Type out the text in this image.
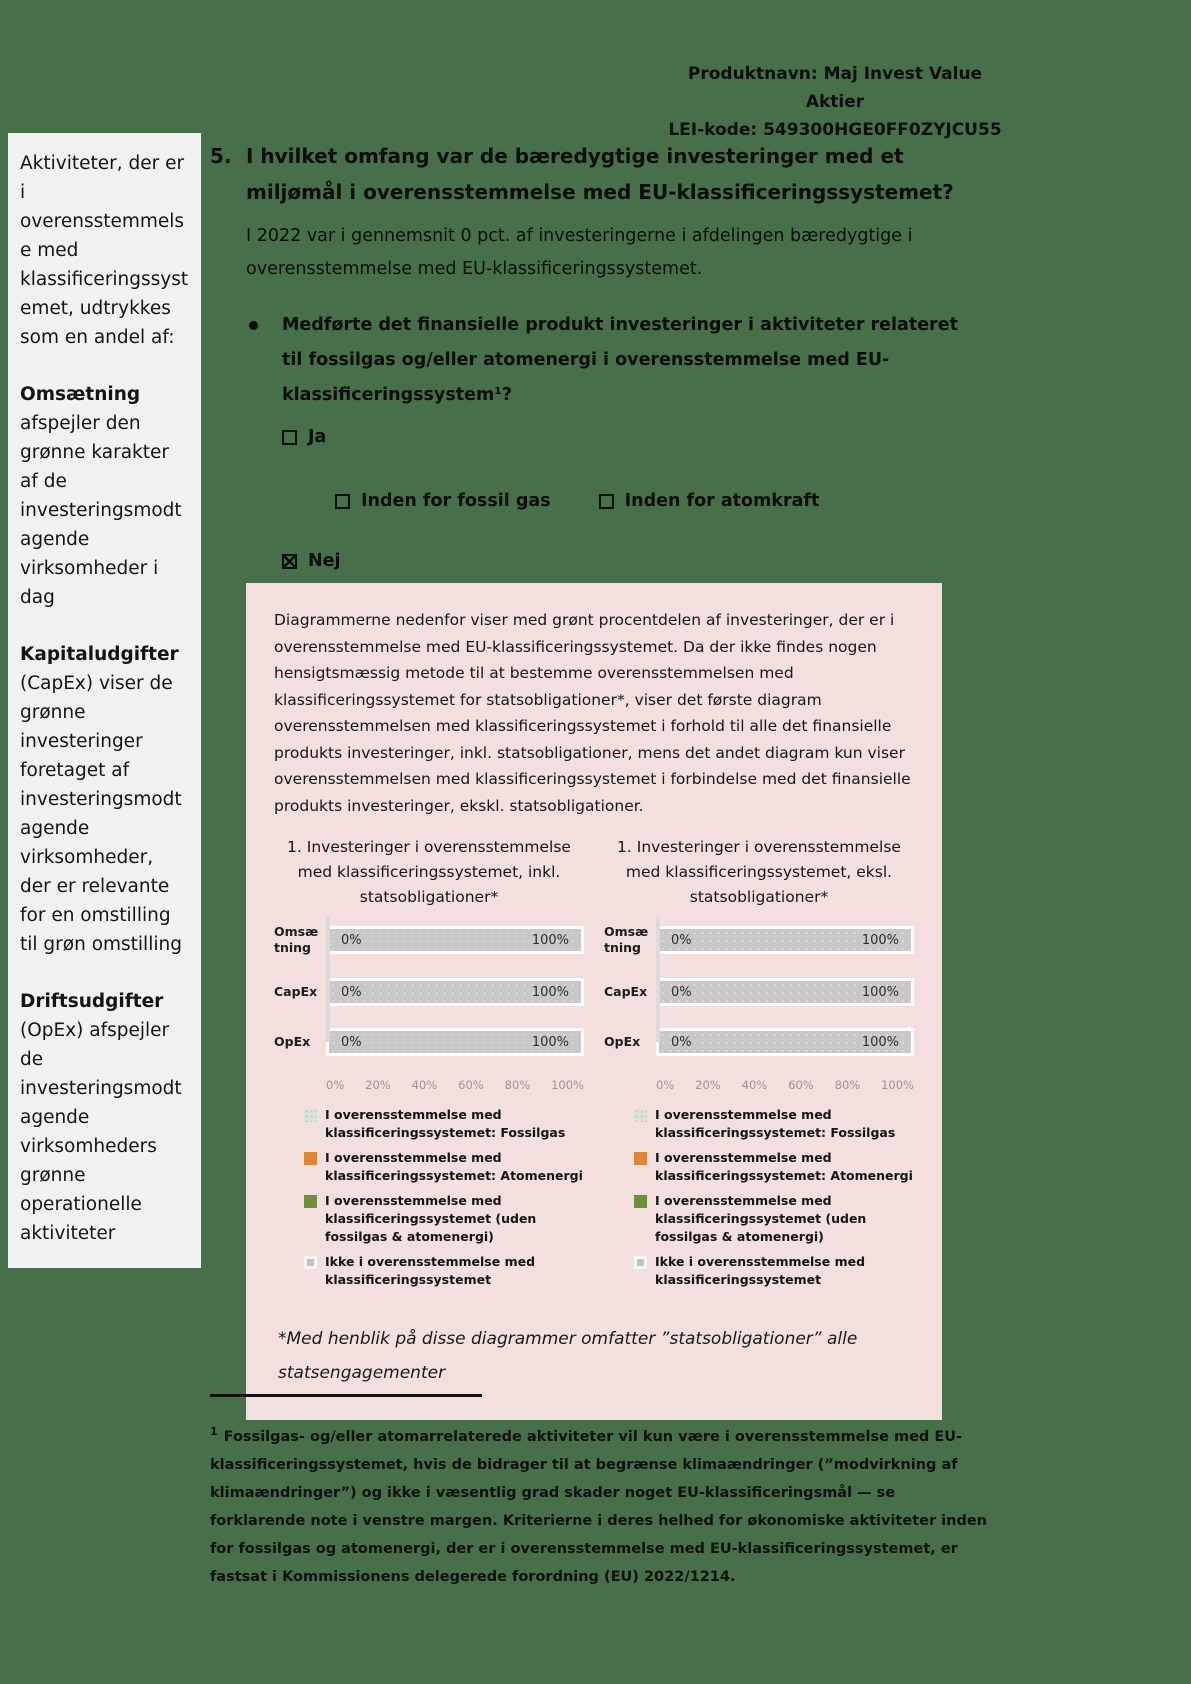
Produktnavn: Maj Invest Value Aktier
LEI-kode: 549300HGE0FF0ZYJCU55

Aktiviteter, der er i overensstemmelse med klassificeringssystemet, udtrykkes som en andel af:

Omsætning afspejler den grønne karakter af de investeringsmodtagende virksomheder i dag

Kapitaludgifter (CapEx) viser de grønne investeringer foretaget af investeringsmodtagende virksomheder, der er relevante for en omstilling til grøn omstilling

Driftsudgifter (OpEx) afspejler de investeringsmodtagende virksomheders grønne operationelle aktiviteter

5. I hvilket omfang var de bæredygtige investeringer med et miljømål i overensstemmelse med EU-klassificeringssystemet?

I 2022 var i gennemsnit 0 pct. af investeringerne i afdelingen bæredygtige i overensstemmelse med EU-klassificeringssystemet.

Medførte det finansielle produkt investeringer i aktiviteter relateret til fossilgas og/eller atomenergi i overensstemmelse med EU-klassificeringssystem¹?
Ja
Inden for fossil gas	Inden for atomkraft
Nej

Diagrammerne nedenfor viser med grønt procentdelen af investeringer, der er i overensstemmelse med EU-klassificeringssystemet. Da der ikke findes nogen hensigtsmæssig metode til at bestemme overensstemmelsen med klassificeringssystemet for statsobligationer*, viser det første diagram overensstemmelsen med klassificeringssystemet i forhold til alle det finansielle produkts investeringer, inkl. statsobligationer, mens det andet diagram kun viser overensstemmelsen med klassificeringssystemet i forbindelse med det finansielle produkts investeringer, ekskl. statsobligationer.

1. Investeringer i overensstemmelse med klassificeringssystemet, inkl. statsobligationer*

Omsætning	0%	100%
CapEx	0%	100%
OpEx	0%	100%
0% 20% 40% 60% 80% 100%
I overensstemmelse med klassificeringssystemet: Fossilgas
I overensstemmelse med klassificeringssystemet: Atomenergi
I overensstemmelse med klassificeringssystemet (uden fossilgas & atomenergi)
Ikke i overensstemmelse med klassificeringssystemet

1. Investeringer i overensstemmelse med klassificeringssystemet, eksl. statsobligationer*

Omsætning	0%	100%
CapEx	0%	100%
OpEx	0%	100%
0% 20% 40% 60% 80% 100%
I overensstemmelse med klassificeringssystemet: Fossilgas
I overensstemmelse med klassificeringssystemet: Atomenergi
I overensstemmelse med klassificeringssystemet (uden fossilgas & atomenergi)
Ikke i overensstemmelse med klassificeringssystemet

*Med henblik på disse diagrammer omfatter ”statsobligationer” alle statsengagementer

$^1$ Fossilgas- og/eller atomarrelaterede aktiviteter vil kun være i overensstemmelse med EU-klassificeringssystemet, hvis de bidrager til at begrænse klimaændringer (”modvirkning af klimaændringer”) og ikke i væsentlig grad skader noget EU-klassificeringsmål — se forklarende note i venstre margen. Kriterierne i deres helhed for økonomiske aktiviteter inden for fossilgas og atomenergi, der er i overensstemmelse med EU-klassificeringssystemet, er fastsat i Kommissionens delegerede forordning (EU) 2022/1214.
